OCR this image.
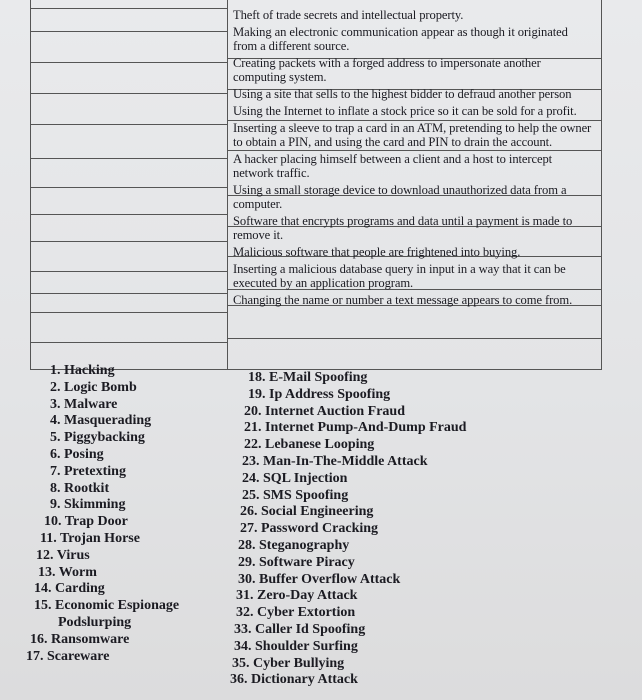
Theft of trade secrets and intellectual property.
Making an electronic communication appear as though it originated from a different source.
Creating packets with a forged address to impersonate another computing system.
Using a site that sells to the highest bidder to defraud another person
Using the Internet to inflate a stock price so it can be sold for a profit.
Inserting a sleeve to trap a card in an ATM, pretending to help the owner to obtain a PIN, and using the card and PIN to drain the account.
A hacker placing himself between a client and a host to intercept network traffic.
Using a small storage device to download unauthorized data from a computer.
Software that encrypts programs and data until a payment is made to remove it.
Malicious software that people are frightened into buying.
Inserting a malicious database query in input in a way that it can be executed by an application program.
Changing the name or number a text message appears to come from.
1. Hacking
2. Logic Bomb
3. Malware
4. Masquerading
5. Piggybacking
6. Posing
7. Pretexting
8. Rootkit
9. Skimming
10. Trap Door
11. Trojan Horse
12. Virus
13. Worm
14. Carding
15. Economic Espionage
Podslurping
16. Ransomware
17. Scareware
18. E-Mail Spoofing
19. Ip Address Spoofing
20. Internet Auction Fraud
21. Internet Pump-And-Dump Fraud
22. Lebanese Looping
23. Man-In-The-Middle Attack
24. SQL Injection
25. SMS Spoofing
26. Social Engineering
27. Password Cracking
28. Steganography
29. Software Piracy
30. Buffer Overflow Attack
31. Zero-Day Attack
32. Cyber Extortion
33. Caller Id Spoofing
34. Shoulder Surfing
35. Cyber Bullying
36. Dictionary Attack
